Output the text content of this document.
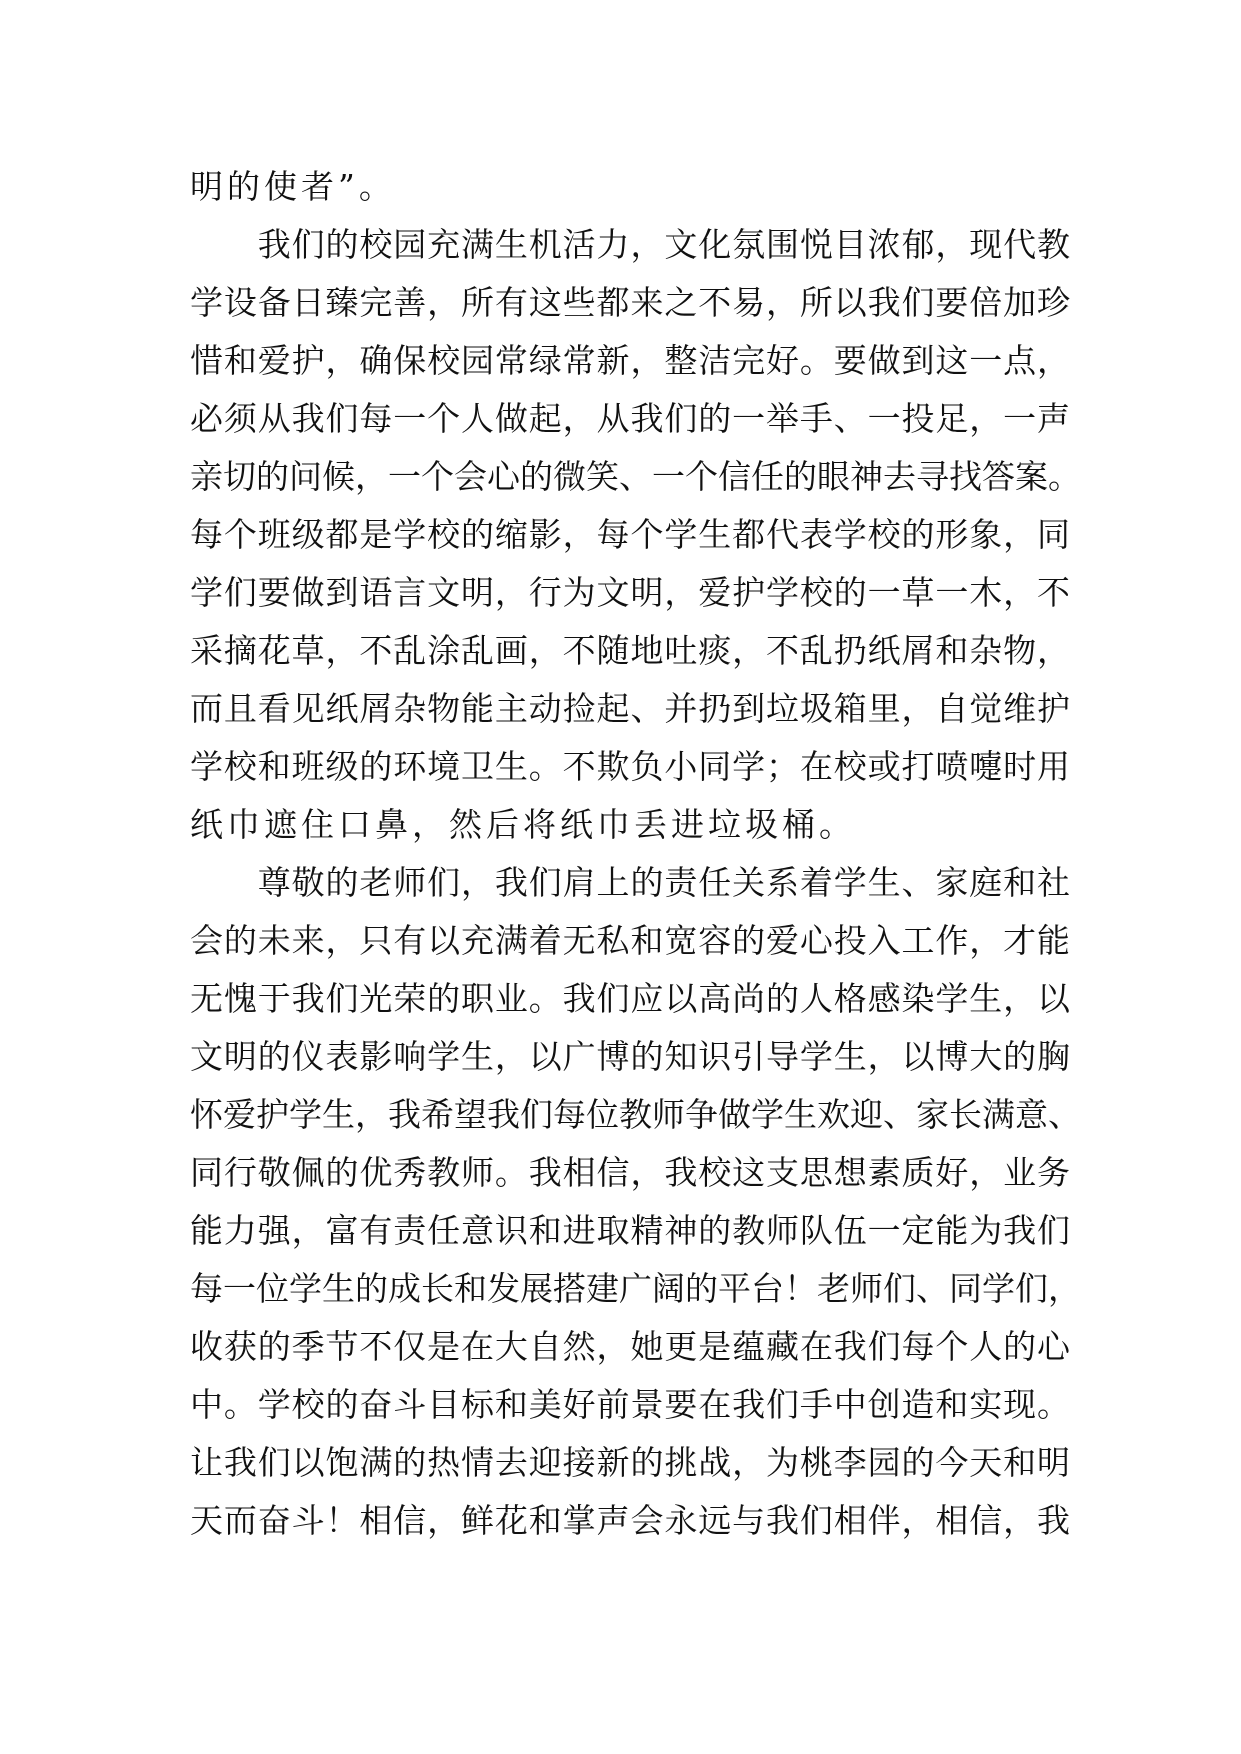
明的使者”。
　　我们的校园充满生机活力，文化氛围悦目浓郁，现代教
学设备日臻完善，所有这些都来之不易，所以我们要倍加珍
惜和爱护，确保校园常绿常新，整洁完好。要做到这一点，
必须从我们每一个人做起，从我们的一举手、一投足，一声
亲切的问候，一个会心的微笑、一个信任的眼神去寻找答案。
每个班级都是学校的缩影，每个学生都代表学校的形象，同
学们要做到语言文明，行为文明，爱护学校的一草一木，不
采摘花草，不乱涂乱画，不随地吐痰，不乱扔纸屑和杂物，
而且看见纸屑杂物能主动捡起、并扔到垃圾箱里，自觉维护
学校和班级的环境卫生。不欺负小同学；在校或打喷嚏时用
纸巾遮住口鼻，然后将纸巾丢进垃圾桶。
　　尊敬的老师们，我们肩上的责任关系着学生、家庭和社
会的未来，只有以充满着无私和宽容的爱心投入工作，才能
无愧于我们光荣的职业。我们应以高尚的人格感染学生，以
文明的仪表影响学生，以广博的知识引导学生，以博大的胸
怀爱护学生，我希望我们每位教师争做学生欢迎、家长满意、
同行敬佩的优秀教师。我相信，我校这支思想素质好，业务
能力强，富有责任意识和进取精神的教师队伍一定能为我们
每一位学生的成长和发展搭建广阔的平台！老师们、同学们，
收获的季节不仅是在大自然，她更是蕴藏在我们每个人的心
中。学校的奋斗目标和美好前景要在我们手中创造和实现。
让我们以饱满的热情去迎接新的挑战，为桃李园的今天和明
天而奋斗！相信，鲜花和掌声会永远与我们相伴，相信，我
